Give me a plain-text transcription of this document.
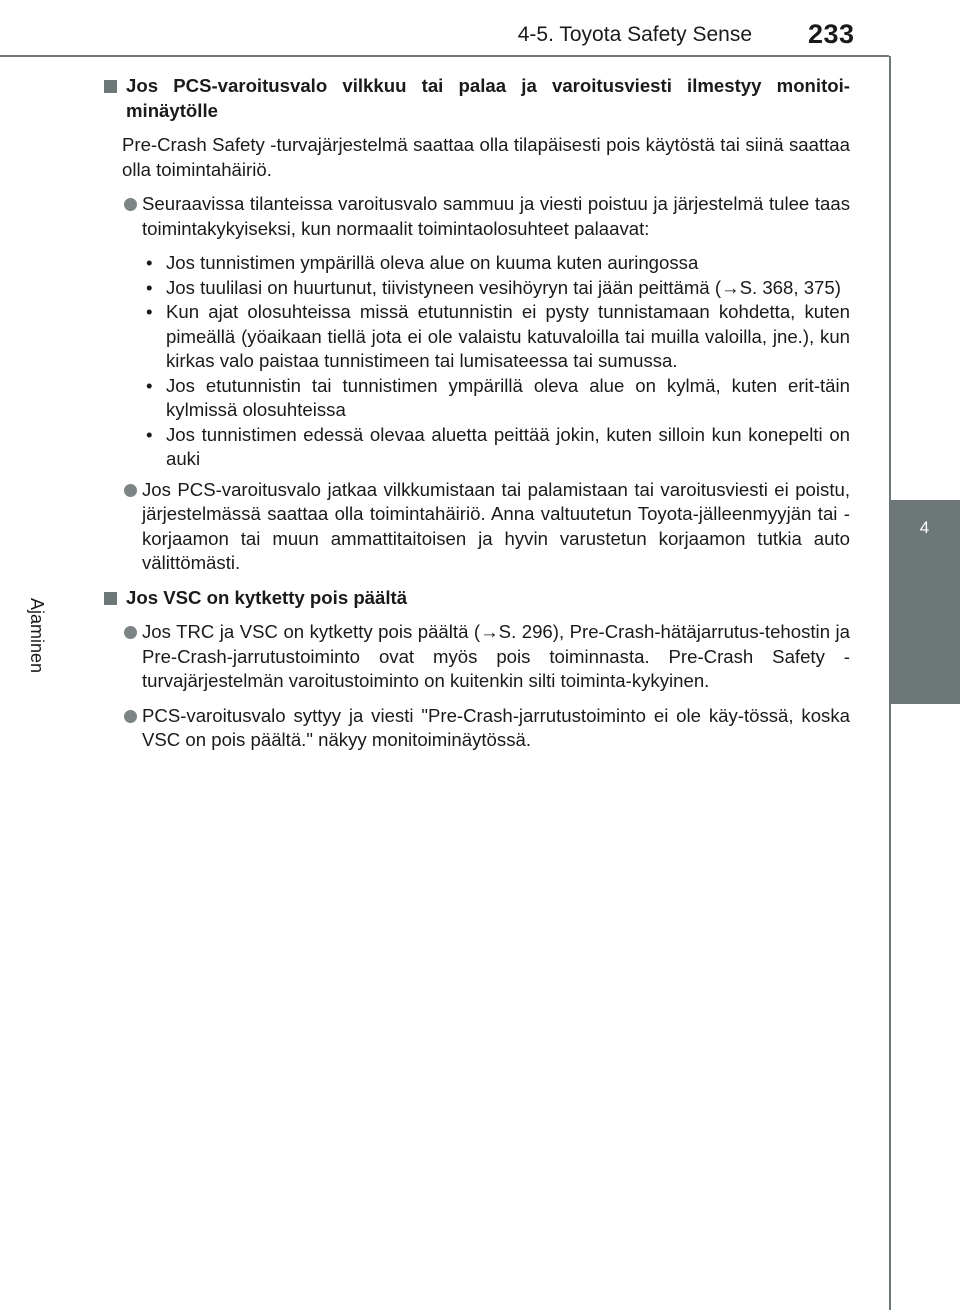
4-5. Toyota Safety Sense 233
4
Ajaminen
Jos PCS-varoitusvalo vilkkuu tai palaa ja varoitusviesti ilmestyy monitoi-minäytölle
Pre-Crash Safety -turvajärjestelmä saattaa olla tilapäisesti pois käytöstä tai siinä saattaa olla toimintahäiriö.
Seuraavissa tilanteissa varoitusvalo sammuu ja viesti poistuu ja järjestelmä tulee taas toimintakykyiseksi, kun normaalit toimintaolosuhteet palaavat:
• Jos tunnistimen ympärillä oleva alue on kuuma kuten auringossa
• Jos tuulilasi on huurtunut, tiivistyneen vesihöyryn tai jään peittämä (→S. 368, 375)
• Kun ajat olosuhteissa missä etutunnistin ei pysty tunnistamaan kohdetta, kuten pimeällä (yöaikaan tiellä jota ei ole valaistu katuvaloilla tai muilla valoilla, jne.), kun kirkas valo paistaa tunnistimeen tai lumisateessa tai sumussa.
• Jos etutunnistin tai tunnistimen ympärillä oleva alue on kylmä, kuten erit-täin kylmissä olosuhteissa
• Jos tunnistimen edessä olevaa aluetta peittää jokin, kuten silloin kun konepelti on auki
Jos PCS-varoitusvalo jatkaa vilkkumistaan tai palamistaan tai varoitusviesti ei poistu, järjestelmässä saattaa olla toimintahäiriö. Anna valtuutetun Toyota-jälleenmyyjän tai -korjaamon tai muun ammattitaitoisen ja hyvin varustetun korjaamon tutkia auto välittömästi.
Jos VSC on kytketty pois päältä
Jos TRC ja VSC on kytketty pois päältä (→S. 296), Pre-Crash-hätäjarrutus-tehostin ja Pre-Crash-jarrutustoiminto ovat myös pois toiminnasta. Pre-Crash Safety -turvajärjestelmän varoitustoiminto on kuitenkin silti toiminta-kykyinen.
PCS-varoitusvalo syttyy ja viesti "Pre-Crash-jarrutustoiminto ei ole käy-tössä, koska VSC on pois päältä." näkyy monitoiminäytössä.
